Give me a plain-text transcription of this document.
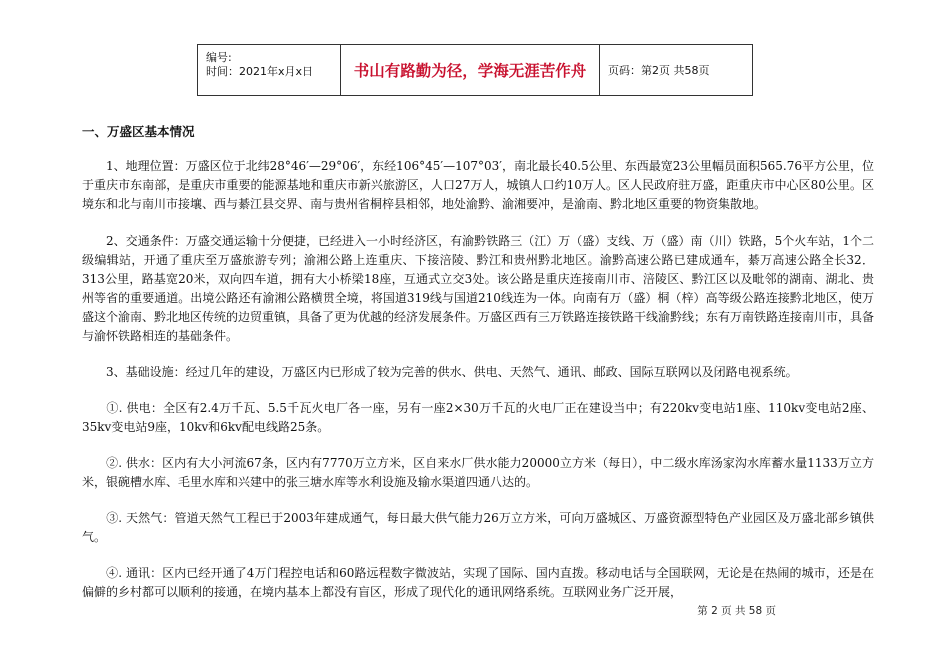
编号:
时间：2021年x月x日	书山有路勤为径，学海无涯苦作舟	页码：第2页 共58页
一、万盛区基本情况

　　1、地理位置：万盛区位于北纬28°46′—29°06′，东经106°45′—107°03′，南北最长40.5公里、东西最宽23公里幅员面积565.76平方公里，位于重庆市东南部，是重庆市重要的能源基地和重庆市新兴旅游区，人口27万人，城镇人口约10万人。区人民政府驻万盛，距重庆市中心区80公里。区境东和北与南川市接壤、西与綦江县交界、南与贵州省桐梓县相邻，地处渝黔、渝湘要冲，是渝南、黔北地区重要的物资集散地。

　　2、交通条件：万盛交通运输十分便捷，已经进入一小时经济区，有渝黔铁路三（江）万（盛）支线、万（盛）南（川）铁路，5个火车站，1个二级编辑站，开通了重庆至万盛旅游专列；渝湘公路上连重庆、下接涪陵、黔江和贵州黔北地区。渝黔高速公路已建成通车，綦万高速公路全长32．313公里，路基宽20米，双向四车道，拥有大小桥梁18座，互通式立交3处。该公路是重庆连接南川市、涪陵区、黔江区以及毗邻的湖南、湖北、贵州等省的重要通道。出境公路还有渝湘公路横贯全境，将国道319线与国道210线连为一体。向南有万（盛）桐（梓）高等级公路连接黔北地区，使万盛这个渝南、黔北地区传统的边贸重镇，具备了更为优越的经济发展条件。万盛区西有三万铁路连接铁路干线渝黔线；东有万南铁路连接南川市，具备与渝怀铁路相连的基础条件。

　　3、基础设施：经过几年的建设，万盛区内已形成了较为完善的供水、供电、天然气、通讯、邮政、国际互联网以及闭路电视系统。

　　①. 供电：全区有2.4万千瓦、5.5千瓦火电厂各一座，另有一座2×30万千瓦的火电厂正在建设当中；有220kv变电站1座、110kv变电站2座、35kv变电站9座，10kv和6kv配电线路25条。

　　②. 供水：区内有大小河流67条，区内有7770万立方米，区自来水厂供水能力20000立方米（每日），中二级水库汤家沟水库蓄水量1133万立方米，银碗槽水库、毛里水库和兴建中的张三塘水库等水利设施及输水渠道四通八达的。

　　③. 天然气：管道天然气工程已于2003年建成通气，每日最大供气能力26万立方米，可向万盛城区、万盛资源型特色产业园区及万盛北部乡镇供气。

　　④. 通讯：区内已经开通了4万门程控电话和60路远程数字微波站，实现了国际、国内直拨。移动电话与全国联网，无论是在热闹的城市，还是在偏僻的乡村都可以顺利的接通，在境内基本上都没有盲区，形成了现代化的通讯网络系统。互联网业务广泛开展，

第 2 页 共 58 页
